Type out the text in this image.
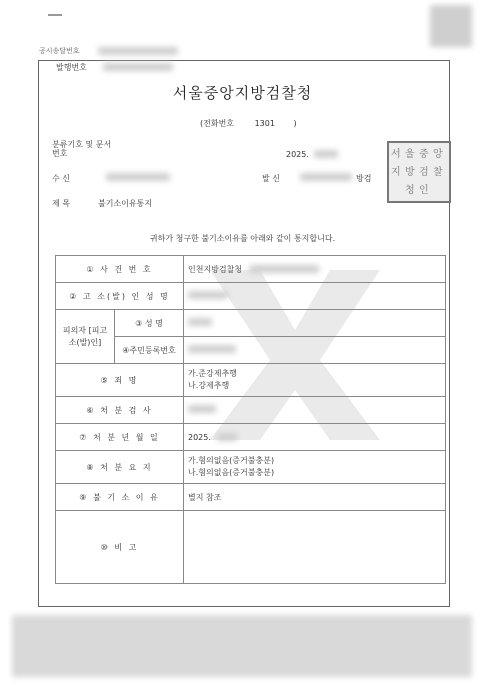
공시송달번호
발행번호
서울중앙지방검찰청
(전화번호	1301 )
분류기호 및 문서번호	2025.
수 신	발 신	방검
제 목	불기소이유통지
서 울 중 앙
지 방 검 찰
청 인
귀하가 청구한 불기소이유를 아래와 같이 통지합니다.
① 사 건 번 호		인천지방검찰청
② 고 소(발) 인 성 명		
피의자 [피고소(발)인]	③ 성 명	
	④주민등록번호	
⑤ 죄 명		가.준강제추행
나.강제추행

⑥ 처 분 검 사		
⑦ 처 분 년 월 일		2025.
⑧ 처 분 요 지		가.혐의없음(증거불충분)
나.혐의없음(증거불충분)

⑨ 불 기 소 이 유		별지 참조
⑩ 비 고		
